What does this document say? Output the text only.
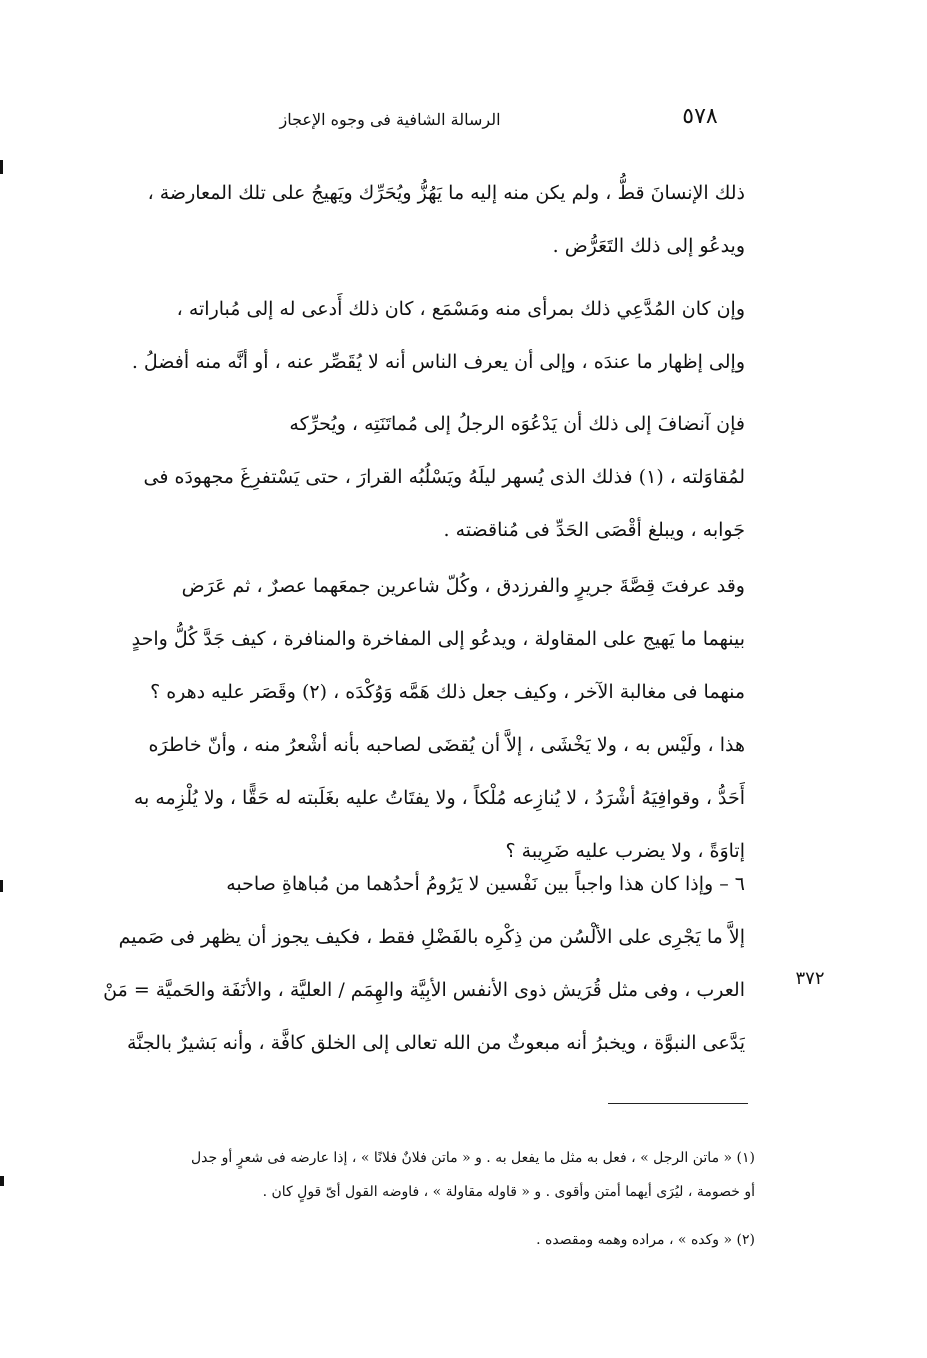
٥٧٨
الرسالة الشافية فى وجوه الإعجاز
ذلك الإنسانَ قطُّ ، ولم يكن منه إليه ما يَهُزُّ ويُحَرِّك ويَهيجُ على تلك المعارضة ،
ويدعُو إلى ذلك التَعَرُّض .
وإن كان المُدَّعِي ذلك بمرأى منه ومَسْمَع ، كان ذلك أَدعى له إلى مُباراته ،
وإلى إظهار ما عندَه ، وإلى أن يعرف الناس أنه لا يُقَصِّر عنه ، أو أنَّه منه أفضلُ .
فإن آنضافَ إلى ذلك أن يَدْعُوَه الرجلُ إلى مُماتَنَتِه ، ويُحرِّكه
لمُقاوَلته ، (١) فذلك الذى يُسهر ليلَهُ ويَسْلُبُه القرارَ ، حتى يَسْتفرِغَ مجهودَه فى
جَوابه ، ويبلغ أقْصَى الحَدِّ فى مُناقضته .
وقد عرفتَ قِصَّةَ جريرٍ والفرزدق ، وكُلّ شاعرين جمعَهما عصرٌ ، ثم عَرَض
بينهما ما يَهيج على المقاولة ، ويدعُو إلى المفاخرة والمنافرة ، كيف جَدَّ كُلُّ واحدٍ
منهما فى مغالبة الآخر ، وكيف جعل ذلك هَمَّه وَوُكْدَه ، (٢) وقَصَر عليه دهره ؟
هذا ، ولَيْس به ، ولا يَخْشَى ، إلاَّ أن يُقضَى لصاحبه بأنه أشْعرُ منه ، وأنّ خاطرَه
أَحَدُّ ، وقوافِيَهُ أشْرَدُ ، لا يُنازِعه مُلْكاً ، ولا يفتَاتُ عليه بغَلَبته له حَقًّا ، ولا يُلْزِمه به
إتاوَةً ، ولا يضرب عليه ضَرِيبة ؟
٦ – وإذا كان هذا واجباً بين نَفْسين لا يَرُومُ أحدُهما من مُباهاةِ صاحبه
إلاَّ ما يَجْرِى على الألْسُن من ذِكْرِه بالفَضْلِ فقط ، فكيف يجوز أن يظهر فى صَميم
العرب ، وفى مثل قُرَيش ذوى الأنفس الأبِيَّة والهِمَم / العليَّة ، والأنَفَة والحَميَّة = مَنْ
يَدَّعى النبوَّة ، ويخبرُ أنه مبعوثٌ من الله تعالى إلى الخلق كافَّة ، وأنه بَشيرٌ بالجنَّة
٣٧٢
(١) « ماتن الرجل » ، فعل به مثل ما يفعل به . و « ماتن فلانٌ فلانًا » ، إذا عارضه فى شعرٍ أو جدل
أو خصومة ، ليُرَى أيهما أمتن وأقوى . و « قاوله مقاولة » ، فاوضه القول أىّ قولٍ كان .
(٢) « وكده » ، مراده وهمه ومقصده .
